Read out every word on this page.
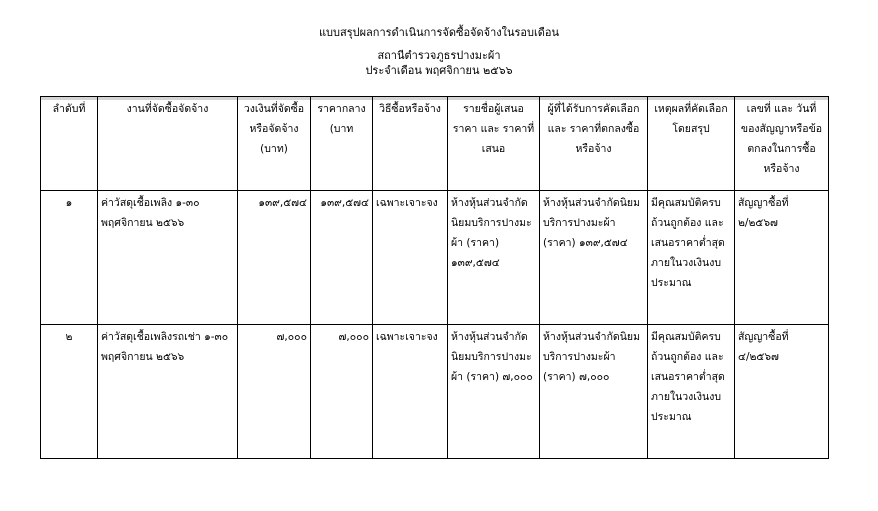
แบบสรุปผลการดำเนินการจัดซื้อจัดจ้างในรอบเดือน
สถานีตำรวจภูธรปางมะผ้า
ประจำเดือน พฤศจิกายน ๒๕๖๖
ลำดับที่	งานที่จัดซื้อจัดจ้าง	วงเงินที่จัดซื้อหรือจัดจ้าง (บาท)	ราคากลาง (บาท	วิธีซื้อหรือจ้าง	รายชื่อผู้เสนอราคา และ ราคาที่เสนอ	ผู้ที่ได้รับการคัดเลือกและ ราคาที่ตกลงซื้อหรือจ้าง	เหตุผลที่คัดเลือกโดยสรุป	เลขที่ และ วันที่ของสัญญาหรือข้อตกลงในการซื้อหรือจ้าง
๑	ค่าวัสดุเชื้อเพลิง ๑-๓๐ พฤศจิกายน ๒๕๖๖	๑๓๙,๕๗๔	๑๓๙,๕๗๔	เฉพาะเจาะจง	ห้างหุ้นส่วนจำกัดนิยมบริการปางมะผ้า (ราคา) ๑๓๙,๕๗๔	ห้างหุ้นส่วนจำกัดนิยมบริการปางมะผ้า (ราคา) ๑๓๙,๕๗๔	มีคุณสมบัติครบถ้วนถูกต้อง และ เสนอราคาต่ำสุดภายในวงเงินงบประมาณ	สัญญาซื้อที่ ๒/๒๕๖๗
๒	ค่าวัสดุเชื้อเพลิงรถเช่า ๑-๓๐ พฤศจิกายน ๒๕๖๖	๗,๐๐๐	๗,๐๐๐	เฉพาะเจาะจง	ห้างหุ้นส่วนจำกัดนิยมบริการปางมะผ้า (ราคา) ๗,๐๐๐	ห้างหุ้นส่วนจำกัดนิยมบริการปางมะผ้า (ราคา) ๗,๐๐๐	มีคุณสมบัติครบถ้วนถูกต้อง และ เสนอราคาต่ำสุดภายในวงเงินงบประมาณ	สัญญาซื้อที่ ๔/๒๕๖๗
